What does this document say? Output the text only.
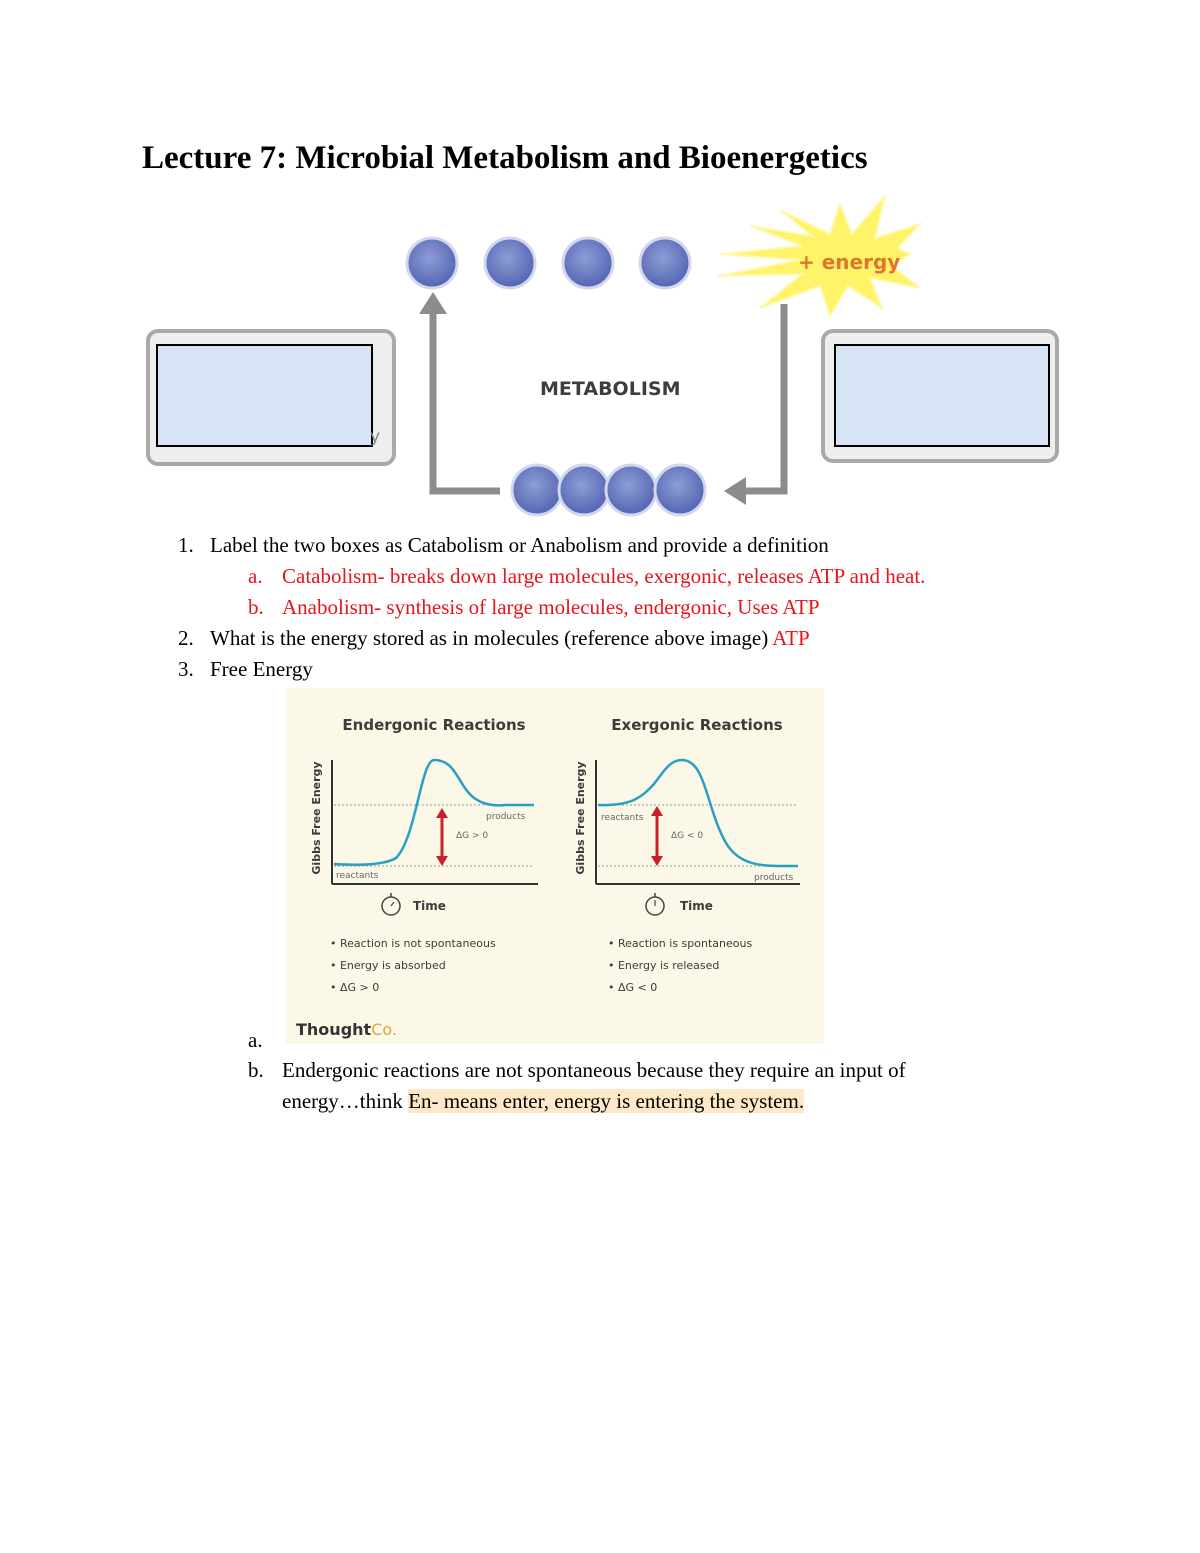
Lecture 7: Microbial Metabolism and Bioenergetics
y
+ energy
METABOLISM
1. Label the two boxes as Catabolism or Anabolism and provide a definition
a. Catabolism- breaks down large molecules, exergonic, releases ATP and heat.
b. Anabolism- synthesis of large molecules, endergonic, Uses ATP
2. What is the energy stored as in molecules (reference above image) ATP
3. Free Energy
Endergonic Reactions
Gibbs Free Energy	products
ΔG > 0
reactants
Time
• Reaction is not spontaneous
• Energy is absorbed
• ΔG > 0
Exergonic Reactions
Gibbs Free Energy reactants
ΔG < 0
products
Time
• Reaction is spontaneous
• Energy is released
• ΔG < 0
ThoughtCo.
a.
b. Endergonic reactions are not spontaneous because they require an input of
energy…think En- means enter, energy is entering the system.
